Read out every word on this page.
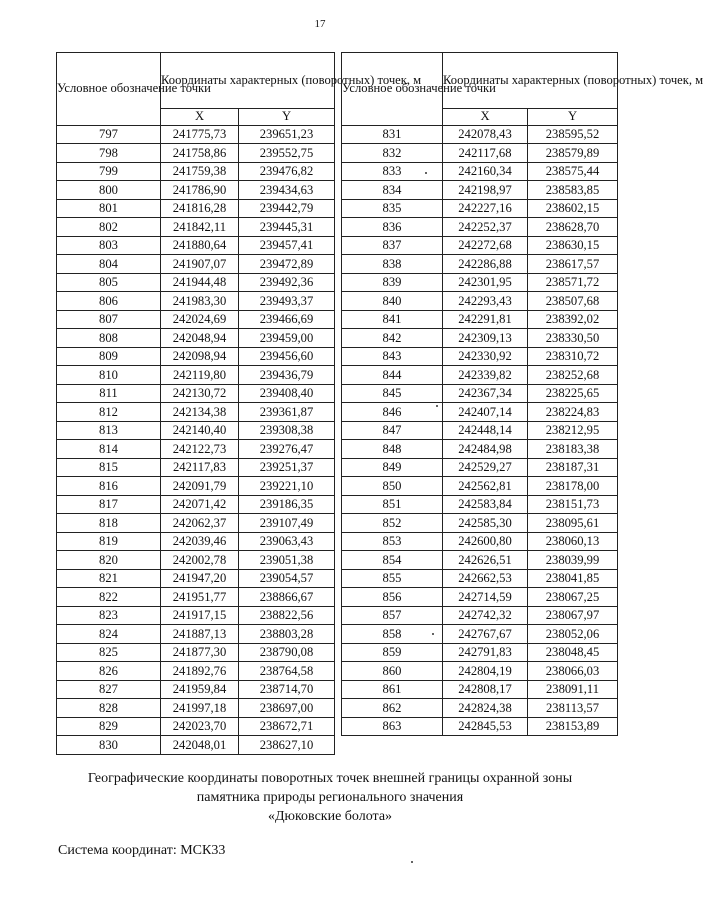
17
Условное обозначение точки	Координаты характерных (поворотных) точек, м	
	X	Y
797	241775,73	239651,23
798	241758,86	239552,75
799	241759,38	239476,82
800	241786,90	239434,63
801	241816,28	239442,79
802	241842,11	239445,31
803	241880,64	239457,41
804	241907,07	239472,89
805	241944,48	239492,36
806	241983,30	239493,37
807	242024,69	239466,69
808	242048,94	239459,00
809	242098,94	239456,60
810	242119,80	239436,79
811	242130,72	239408,40
812	242134,38	239361,87
813	242140,40	239308,38
814	242122,73	239276,47
815	242117,83	239251,37
816	242091,79	239221,10
817	242071,42	239186,35
818	242062,37	239107,49
819	242039,46	239063,43
820	242002,78	239051,38
821	241947,20	239054,57
822	241951,77	238866,67
823	241917,15	238822,56
824	241887,13	238803,28
825	241877,30	238790,08
826	241892,76	238764,58
827	241959,84	238714,70
828	241997,18	238697,00
829	242023,70	238672,71
830	242048,01	238627,10
Условное обозначение точки	Координаты характерных (поворотных) точек, м	
	X	Y
831	242078,43	238595,52
832	242117,68	238579,89
833	242160,34	238575,44
834	242198,97	238583,85
835	242227,16	238602,15
836	242252,37	238628,70
837	242272,68	238630,15
838	242286,88	238617,57
839	242301,95	238571,72
840	242293,43	238507,68
841	242291,81	238392,02
842	242309,13	238330,50
843	242330,92	238310,72
844	242339,82	238252,68
845	242367,34	238225,65
846	242407,14	238224,83
847	242448,14	238212,95
848	242484,98	238183,38
849	242529,27	238187,31
850	242562,81	238178,00
851	242583,84	238151,73
852	242585,30	238095,61
853	242600,80	238060,13
854	242626,51	238039,99
855	242662,53	238041,85
856	242714,59	238067,25
857	242742,32	238067,97
858	242767,67	238052,06
859	242791,83	238048,45
860	242804,19	238066,03
861	242808,17	238091,11
862	242824,38	238113,57
863	242845,53	238153,89
Географические координаты поворотных точек внешней границы охранной зоны
памятника природы регионального значения
«Дюковские болота»
Система координат: МСК33
